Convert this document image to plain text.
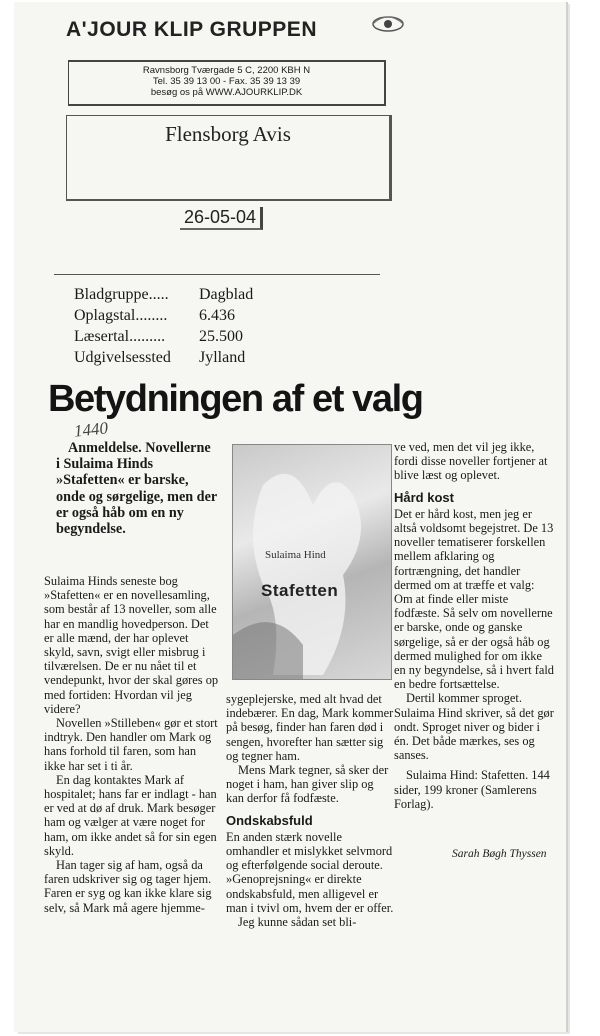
A'JOUR KLIP GRUPPEN
Ravnsborg Tværgade 5 C, 2200 KBH N
Tel. 35 39 13 00 - Fax. 35 39 13 39
besøg os på WWW.AJOURKLIP.DK
Flensborg Avis
26-05-04
Bladgruppe.....	Dagblad
Oplagstal........	6.436
Læsertal.........	25.500
Udgivelsessted	Jylland
Betydningen af et valg
1440

Anmeldelse. Novellerne i Sulaima Hinds »Stafetten« er barske, onde og sørgelige, men der er også håb om en ny begyndelse.

Sulaima Hind
Stafetten

Sulaima Hinds seneste bog »Stafetten« er en novellesamling, som består af 13 noveller, som alle har en mandlig hovedperson. Det er alle mænd, der har oplevet skyld, savn, svigt eller misbrug i tilværelsen. De er nu nået til et vendepunkt, hvor der skal gøres op med fortiden: Hvordan vil jeg videre?

Novellen »Stilleben« gør et stort indtryk. Den handler om Mark og hans forhold til faren, som han ikke har set i ti år.

En dag kontaktes Mark af hospitalet; hans far er indlagt - han er ved at dø af druk. Mark besøger ham og vælger at være noget for ham, om ikke andet så for sin egen skyld.

Han tager sig af ham, også da faren udskriver sig og tager hjem. Faren er syg og kan ikke klare sig selv, så Mark må agere hjemme-

sygeplejerske, med alt hvad det indebærer. En dag, Mark kommer på besøg, finder han faren død i sengen, hvorefter han sætter sig og tegner ham.

Mens Mark tegner, så sker der noget i ham, han giver slip og kan derfor få fodfæste.

Ondskabsfuld

En anden stærk novelle omhandler et mislykket selvmord og efterfølgende social deroute. »Genoprejsning« er direkte ondskabsfuld, men alligevel er man i tvivl om, hvem der er offer.

Jeg kunne sådan set bli-

ve ved, men det vil jeg ikke, fordi disse noveller fortjener at blive læst og oplevet.

Hård kost

Det er hård kost, men jeg er altså voldsomt begejstret. De 13 noveller tematiserer forskellen mellem afklaring og fortrængning, det handler dermed om at træffe et valg: Om at finde eller miste fodfæste. Så selv om novellerne er barske, onde og ganske sørgelige, så er der også håb og dermed mulighed for om ikke en ny begyndelse, så i hvert fald en bedre fortsættelse.

Dertil kommer sproget. Sulaima Hind skriver, så det gør ondt. Sproget niver og bider i én. Det både mærkes, ses og sanses.

Sulaima Hind: Stafetten. 144 sider, 199 kroner (Samlerens Forlag).

Sarah Bøgh Thyssen
